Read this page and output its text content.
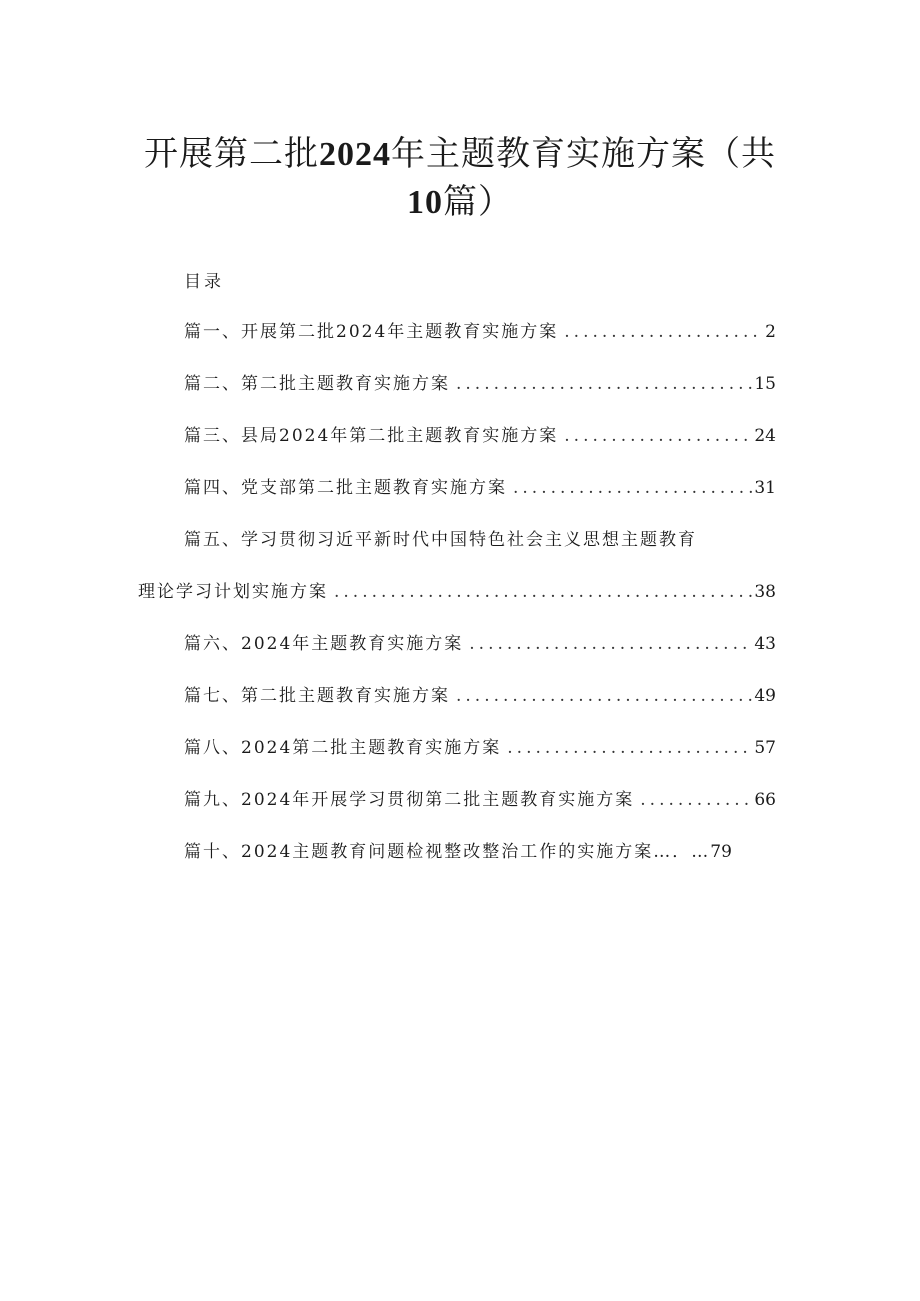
开展第二批2024年主题教育实施方案（共
10篇）
目录
篇一、开展第二批2024年主题教育实施方案 .....	2
篇二、第二批主题教育实施方案 .....	15
篇三、县局2024年第二批主题教育实施方案 .....	24
篇四、党支部第二批主题教育实施方案 .....	31
篇五、学习贯彻习近平新时代中国特色社会主义思想主题教育
理论学习计划实施方案 .....	38
篇六、2024年主题教育实施方案 .....	43
篇七、第二批主题教育实施方案 .....	49
篇八、2024第二批主题教育实施方案 .....	57
篇九、2024年开展学习贯彻第二批主题教育实施方案 .....	66
篇十、2024主题教育问题检视整改整治工作的实施方案…．… 79
